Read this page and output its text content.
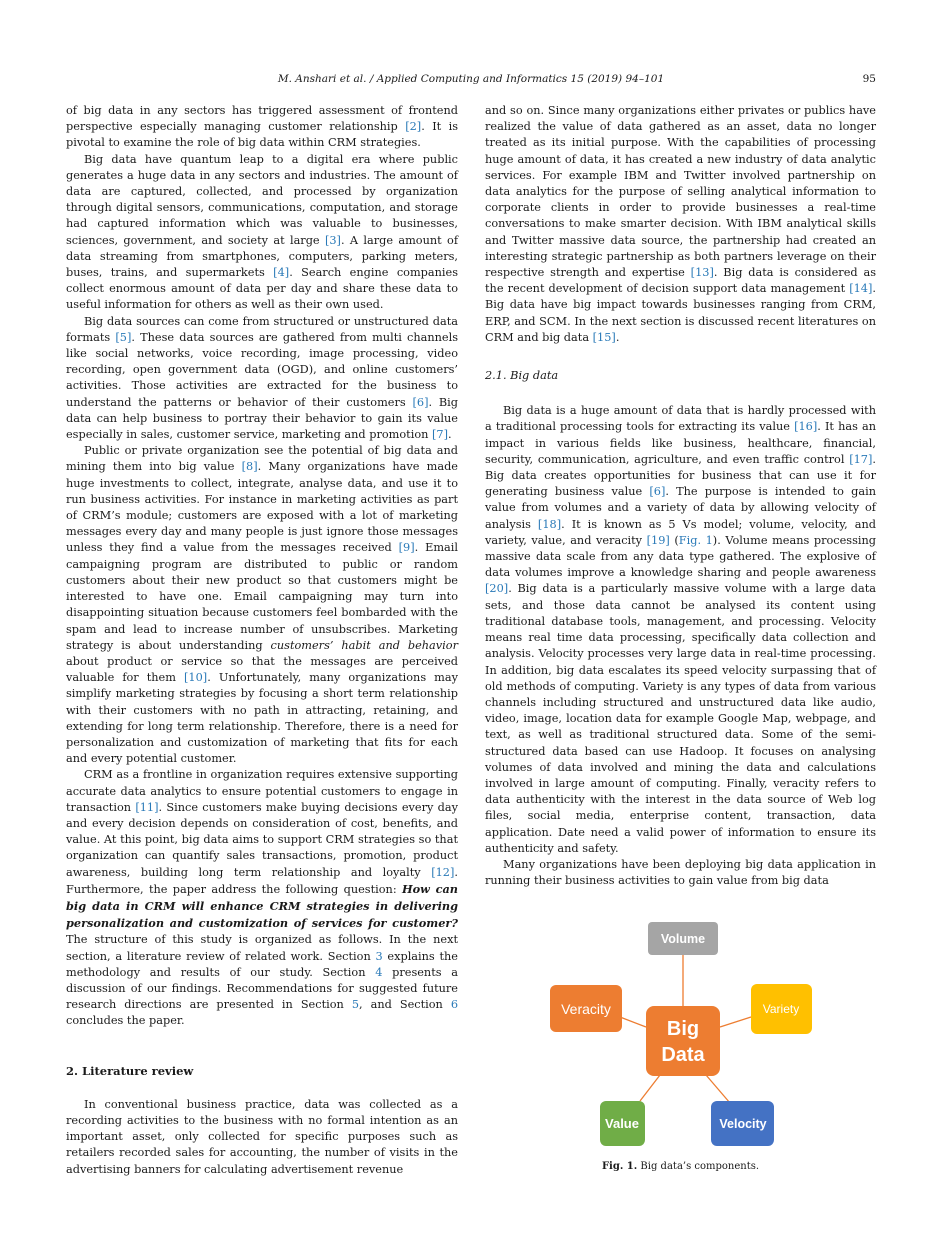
M. Anshari et al. / Applied Computing and Informatics 15 (2019) 94–101	95

of big data in any sectors has triggered assessment of frontend perspective especially managing customer relationship [2]. It is pivotal to examine the role of big data within CRM strategies.

Big data have quantum leap to a digital era where public generates a huge data in any sectors and industries. The amount of data are captured, collected, and processed by organization through digital sensors, communications, computation, and storage had captured information which was valuable to businesses, sciences, government, and society at large [3]. A large amount of data streaming from smartphones, computers, parking meters, buses, trains, and supermarkets [4]. Search engine companies collect enormous amount of data per day and share these data to useful information for others as well as their own used.

Big data sources can come from structured or unstructured data formats [5]. These data sources are gathered from multi channels like social networks, voice recording, image processing, video recording, open government data (OGD), and online customers’ activities. Those activities are extracted for the business to understand the patterns or behavior of their customers [6]. Big data can help business to portray their behavior to gain its value especially in sales, customer service, marketing and promotion [7].

Public or private organization see the potential of big data and mining them into big value [8]. Many organizations have made huge investments to collect, integrate, analyse data, and use it to run business activities. For instance in marketing activities as part of CRM’s module; customers are exposed with a lot of marketing messages every day and many people is just ignore those messages unless they find a value from the messages received [9]. Email campaigning program are distributed to public or random customers about their new product so that customers might be interested to have one. Email campaigning may turn into disappointing situation because customers feel bombarded with the spam and lead to increase number of unsubscribes. Marketing strategy is about understanding customers’ habit and behavior about product or service so that the messages are perceived valuable for them [10]. Unfortunately, many organizations may simplify marketing strategies by focusing a short term relationship with their customers with no path in attracting, retaining, and extending for long term relationship. Therefore, there is a need for personalization and customization of marketing that fits for each and every potential customer.

CRM as a frontline in organization requires extensive supporting accurate data analytics to ensure potential customers to engage in transaction [11]. Since customers make buying decisions every day and every decision depends on consideration of cost, benefits, and value. At this point, big data aims to support CRM strategies so that organization can quantify sales transactions, promotion, product awareness, building long term relationship and loyalty [12]. Furthermore, the paper address the following question: How can big data in CRM will enhance CRM strategies in delivering personalization and customization of services for customer? The structure of this study is organized as follows. In the next section, a literature review of related work. Section 3 explains the methodology and results of our study. Section 4 presents a discussion of our findings. Recommendations for suggested future research directions are presented in Section 5, and Section 6 concludes the paper.

2. Literature review

In conventional business practice, data was collected as a recording activities to the business with no formal intention as an important asset, only collected for specific purposes such as retailers recorded sales for accounting, the number of visits in the advertising banners for calculating advertisement revenue

and so on. Since many organizations either privates or publics have realized the value of data gathered as an asset, data no longer treated as its initial purpose. With the capabilities of processing huge amount of data, it has created a new industry of data analytic services. For example IBM and Twitter involved partnership on data analytics for the purpose of selling analytical information to corporate clients in order to provide businesses a real-time conversations to make smarter decision. With IBM analytical skills and Twitter massive data source, the partnership had created an interesting strategic partnership as both partners leverage on their respective strength and expertise [13]. Big data is considered as the recent development of decision support data management [14]. Big data have big impact towards businesses ranging from CRM, ERP, and SCM. In the next section is discussed recent literatures on CRM and big data [15].

2.1. Big data

Big data is a huge amount of data that is hardly processed with a traditional processing tools for extracting its value [16]. It has an impact in various fields like business, healthcare, financial, security, communication, agriculture, and even traffic control [17]. Big data creates opportunities for business that can use it for generating business value [6]. The purpose is intended to gain value from volumes and a variety of data by allowing velocity of analysis [18]. It is known as 5 Vs model; volume, velocity, and variety, value, and veracity [19] (Fig. 1). Volume means processing massive data scale from any data type gathered. The explosive of data volumes improve a knowledge sharing and people awareness [20]. Big data is a particularly massive volume with a large data sets, and those data cannot be analysed its content using traditional database tools, management, and processing. Velocity means real time data processing, specifically data collection and analysis. Velocity processes very large data in real-time processing. In addition, big data escalates its speed velocity surpassing that of old methods of computing. Variety is any types of data from various channels including structured and unstructured data like audio, video, image, location data for example Google Map, webpage, and text, as well as traditional structured data. Some of the semi-structured data based can use Hadoop. It focuses on analysing volumes of data involved and mining the data and calculations involved in large amount of computing. Finally, veracity refers to data authenticity with the interest in the data source of Web log files, social media, enterprise content, transaction, data application. Date need a valid power of information to ensure its authenticity and safety.

Many organizations have been deploying big data application in running their business activities to gain value from big data

Volume
Variety
Veracity
Value	Velocity
Big
Data
Fig. 1. Big data’s components.
